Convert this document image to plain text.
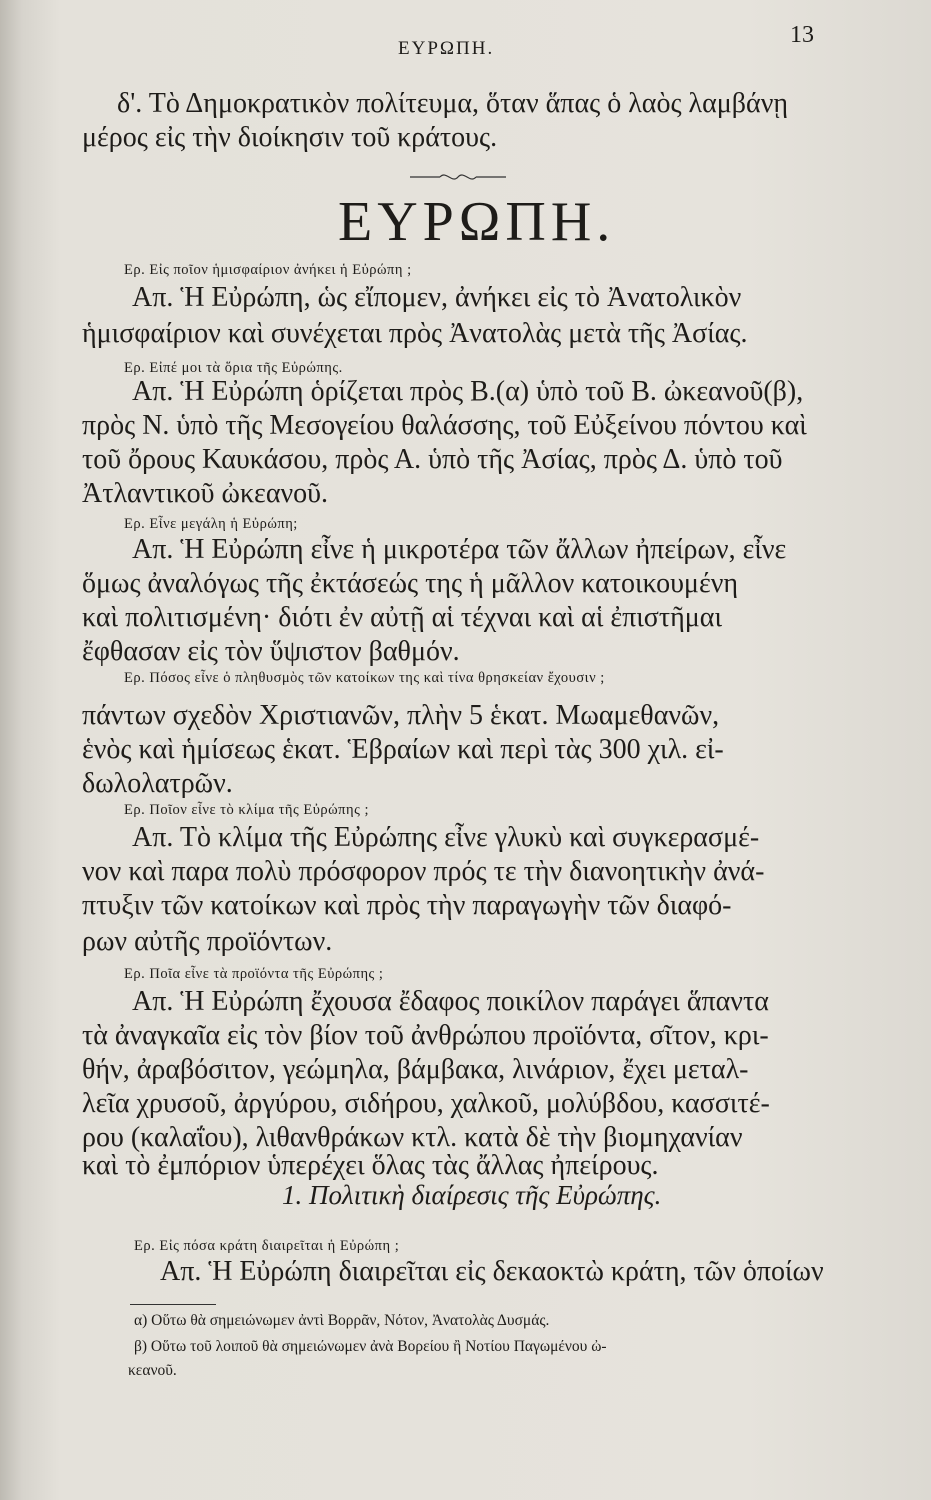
ΕΥΡΩΠΗ.
13
δ'. Τὸ Δημοκρατικὸν πολίτευμα, ὅταν ἅπας ὁ λαὸς λαμβάνῃ
μέρος εἰς τὴν διοίκησιν τοῦ κράτους.
ΕΥΡΩΠΗ.
Ερ. Εἰς ποῖον ἡμισφαίριον ἀνήκει ἡ Εὐρώπη ;
Απ. Ἡ Εὐρώπη, ὡς εἴπομεν, ἀνήκει εἰς τὸ Ἀνατολικὸν
ἡμισφαίριον καὶ συνέχεται πρὸς Ἀνατολὰς μετὰ τῆς Ἀσίας.
Ερ. Εἰπέ μοι τὰ ὅρια τῆς Εὐρώπης.
Απ. Ἡ Εὐρώπη ὁρίζεται πρὸς Β.(α) ὑπὸ τοῦ Β. ὠκεανοῦ(β),
πρὸς Ν. ὑπὸ τῆς Μεσογείου θαλάσσης, τοῦ Εὐξείνου πόντου καὶ
τοῦ ὄρους Καυκάσου, πρὸς Α. ὑπὸ τῆς Ἀσίας, πρὸς Δ. ὑπὸ τοῦ
Ἀτλαντικοῦ ὠκεανοῦ.
Ερ. Εἶνε μεγάλη ἡ Εὐρώπη;
Απ. Ἡ Εὐρώπη εἶνε ἡ μικροτέρα τῶν ἄλλων ἠπείρων, εἶνε
ὅμως ἀναλόγως τῆς ἐκτάσεώς της ἡ μᾶλλον κατοικουμένη
καὶ πολιτισμένη· διότι ἐν αὐτῇ αἱ τέχναι καὶ αἱ ἐπιστῆμαι
ἔφθασαν εἰς τὸν ὕψιστον βαθμόν.
Ερ. Πόσος εἶνε ὁ πληθυσμὸς τῶν κατοίκων της καὶ τίνα θρησκείαν ἔχουσιν ;
πάντων σχεδὸν Χριστιανῶν, πλὴν 5 ἑκατ. Μωαμεθανῶν,
ἑνὸς καὶ ἡμίσεως ἑκατ. Ἑβραίων καὶ περὶ τὰς 300 χιλ. εἰ-
δωλολατρῶν.
Ερ. Ποῖον εἶνε τὸ κλίμα τῆς Εὐρώπης ;
Απ. Τὸ κλίμα τῆς Εὐρώπης εἶνε γλυκὺ καὶ συγκερασμέ-
νον καὶ παρα πολὺ πρόσφορον πρός τε τὴν διανοητικὴν ἀνά-
πτυξιν τῶν κατοίκων καὶ πρὸς τὴν παραγωγὴν τῶν διαφό-
ρων αὐτῆς προϊόντων.
Ερ. Ποῖα εἶνε τὰ προϊόντα τῆς Εὐρώπης ;
Απ. Ἡ Εὐρώπη ἔχουσα ἔδαφος ποικίλον παράγει ἅπαντα
τὰ ἀναγκαῖα εἰς τὸν βίον τοῦ ἀνθρώπου προϊόντα, σῖτον, κρι-
θήν, ἀραβόσιτον, γεώμηλα, βάμβακα, λινάριον, ἔχει μεταλ-
λεῖα χρυσοῦ, ἀργύρου, σιδήρου, χαλκοῦ, μολύβδου, κασσιτέ-
ρου (καλαΐου), λιθανθράκων κτλ. κατὰ δὲ τὴν βιομηχανίαν
καὶ τὸ ἐμπόριον ὑπερέχει ὅλας τὰς ἄλλας ἠπείρους.
1. Πολιτικὴ διαίρεσις τῆς Εὐρώπης.
Ερ. Εἰς πόσα κράτη διαιρεῖται ἡ Εὐρώπη ;
Απ. Ἡ Εὐρώπη διαιρεῖται εἰς δεκαοκτὼ κράτη, τῶν ὁποίων
α) Οὕτω θὰ σημειώνωμεν ἀντὶ Βορρᾶν, Νότον, Ἀνατολὰς Δυσμάς.
β) Οὕτω τοῦ λοιποῦ θὰ σημειώνωμεν ἀνὰ Βορείου ἢ Νοτίου Παγωμένου ὠ-
κεανοῦ.
